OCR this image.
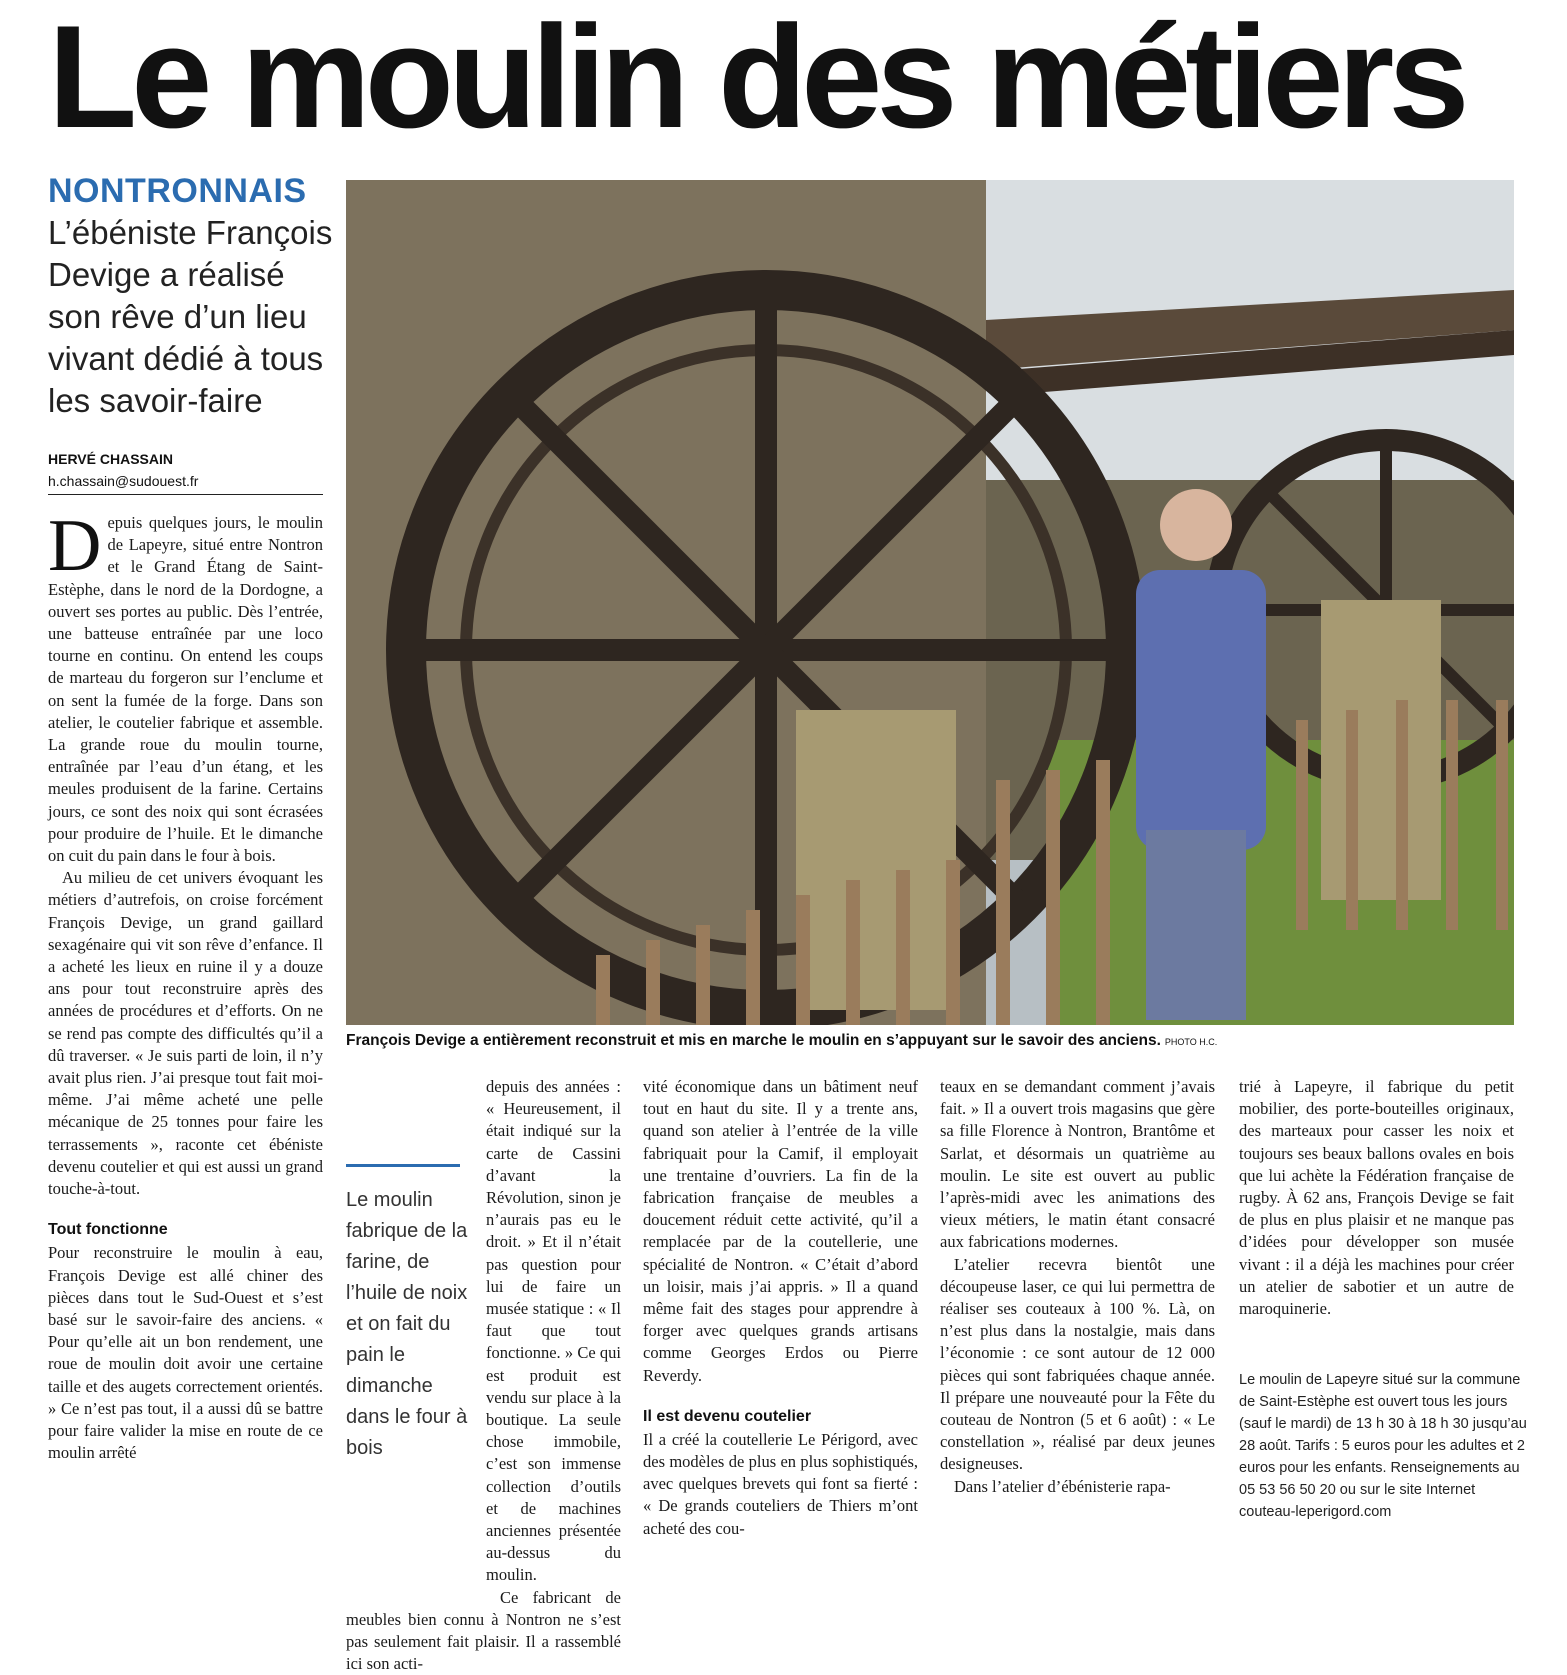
Le moulin des métiers
NONTRONNAIS

L’ébéniste François Devige a réalisé son rêve d’un lieu vivant dédié à tous les savoir-faire

HERVÉ CHASSAIN
h.chassain@sudouest.fr
François Devige a entièrement reconstruit et mis en marche le moulin en s’appuyant sur le savoir des anciens. PHOTO H.C.

Depuis quelques jours, le moulin de Lapeyre, situé entre Nontron et le Grand Étang de Saint-Estèphe, dans le nord de la Dordogne, a ouvert ses portes au public. Dès l’entrée, une batteuse entraînée par une loco tourne en continu. On entend les coups de marteau du forgeron sur l’enclume et on sent la fumée de la forge. Dans son atelier, le coutelier fabrique et assemble. La grande roue du moulin tourne, entraînée par l’eau d’un étang, et les meules produisent de la farine. Certains jours, ce sont des noix qui sont écrasées pour produire de l’huile. Et le dimanche on cuit du pain dans le four à bois.

Au milieu de cet univers évoquant les métiers d’autrefois, on croise forcément François Devige, un grand gaillard sexagénaire qui vit son rêve d’enfance. Il a acheté les lieux en ruine il y a douze ans pour tout reconstruire après des années de procédures et d’efforts. On ne se rend pas compte des difficultés qu’il a dû traverser. « Je suis parti de loin, il n’y avait plus rien. J’ai presque tout fait moi-même. J’ai même acheté une pelle mécanique de 25 tonnes pour faire les terrassements », raconte cet ébéniste devenu coutelier et qui est aussi un grand touche-à-tout.

Tout fonctionne

Pour reconstruire le moulin à eau, François Devige est allé chiner des pièces dans tout le Sud-Ouest et s’est basé sur le savoir-faire des anciens. « Pour qu’elle ait un bon rendement, une roue de moulin doit avoir une certaine taille et des augets correctement orientés. » Ce n’est pas tout, il a aussi dû se battre pour faire valider la mise en route de ce moulin arrêté

depuis des années : « Heureusement, il était indiqué sur la carte de Cassini d’avant la Révolution, sinon je n’aurais pas eu le droit. » Et il n’était pas question pour lui de faire un musée statique : « Il faut que tout fonctionne. » Ce qui est produit est vendu sur place à la boutique. La seule chose immobile, c’est son immense collection d’outils et de machines anciennes présentée au-dessus du moulin.

Ce fabricant de meubles bien connu à Nontron ne s’est pas seulement fait plaisir. Il a rassemblé ici son acti-

Le moulin fabrique de la farine, de l’huile de noix et on fait du pain le dimanche dans le four à bois

vité économique dans un bâtiment neuf tout en haut du site. Il y a trente ans, quand son atelier à l’entrée de la ville fabriquait pour la Camif, il employait une trentaine d’ouvriers. La fin de la fabrication française de meubles a doucement réduit cette activité, qu’il a remplacée par de la coutellerie, une spécialité de Nontron. « C’était d’abord un loisir, mais j’ai appris. » Il a quand même fait des stages pour apprendre à forger avec quelques grands artisans comme Georges Erdos ou Pierre Reverdy.

Il est devenu coutelier

Il a créé la coutellerie Le Périgord, avec des modèles de plus en plus sophistiqués, avec quelques brevets qui font sa fierté : « De grands couteliers de Thiers m’ont acheté des cou-

teaux en se demandant comment j’avais fait. » Il a ouvert trois magasins que gère sa fille Florence à Nontron, Brantôme et Sarlat, et désormais un quatrième au moulin. Le site est ouvert au public l’après-midi avec les animations des vieux métiers, le matin étant consacré aux fabrications modernes.

L’atelier recevra bientôt une découpeuse laser, ce qui lui permettra de réaliser ses couteaux à 100 %. Là, on n’est plus dans la nostalgie, mais dans l’économie : ce sont autour de 12 000 pièces qui sont fabriquées chaque année. Il prépare une nouveauté pour la Fête du couteau de Nontron (5 et 6 août) : « Le constellation », réalisé par deux jeunes designeuses.

Dans l’atelier d’ébénisterie rapa-

trié à Lapeyre, il fabrique du petit mobilier, des porte-bouteilles originaux, des marteaux pour casser les noix et toujours ses beaux ballons ovales en bois que lui achète la Fédération française de rugby. À 62 ans, François Devige se fait de plus en plus plaisir et ne manque pas d’idées pour développer son musée vivant : il a déjà les machines pour créer un atelier de sabotier et un autre de maroquinerie.

Le moulin de Lapeyre situé sur la commune de Saint-Estèphe est ouvert tous les jours (sauf le mardi) de 13 h 30 à 18 h 30 jusqu’au 28 août. Tarifs : 5 euros pour les adultes et 2 euros pour les enfants. Renseignements au 05 53 56 50 20 ou sur le site Internet couteau-leperigord.com
